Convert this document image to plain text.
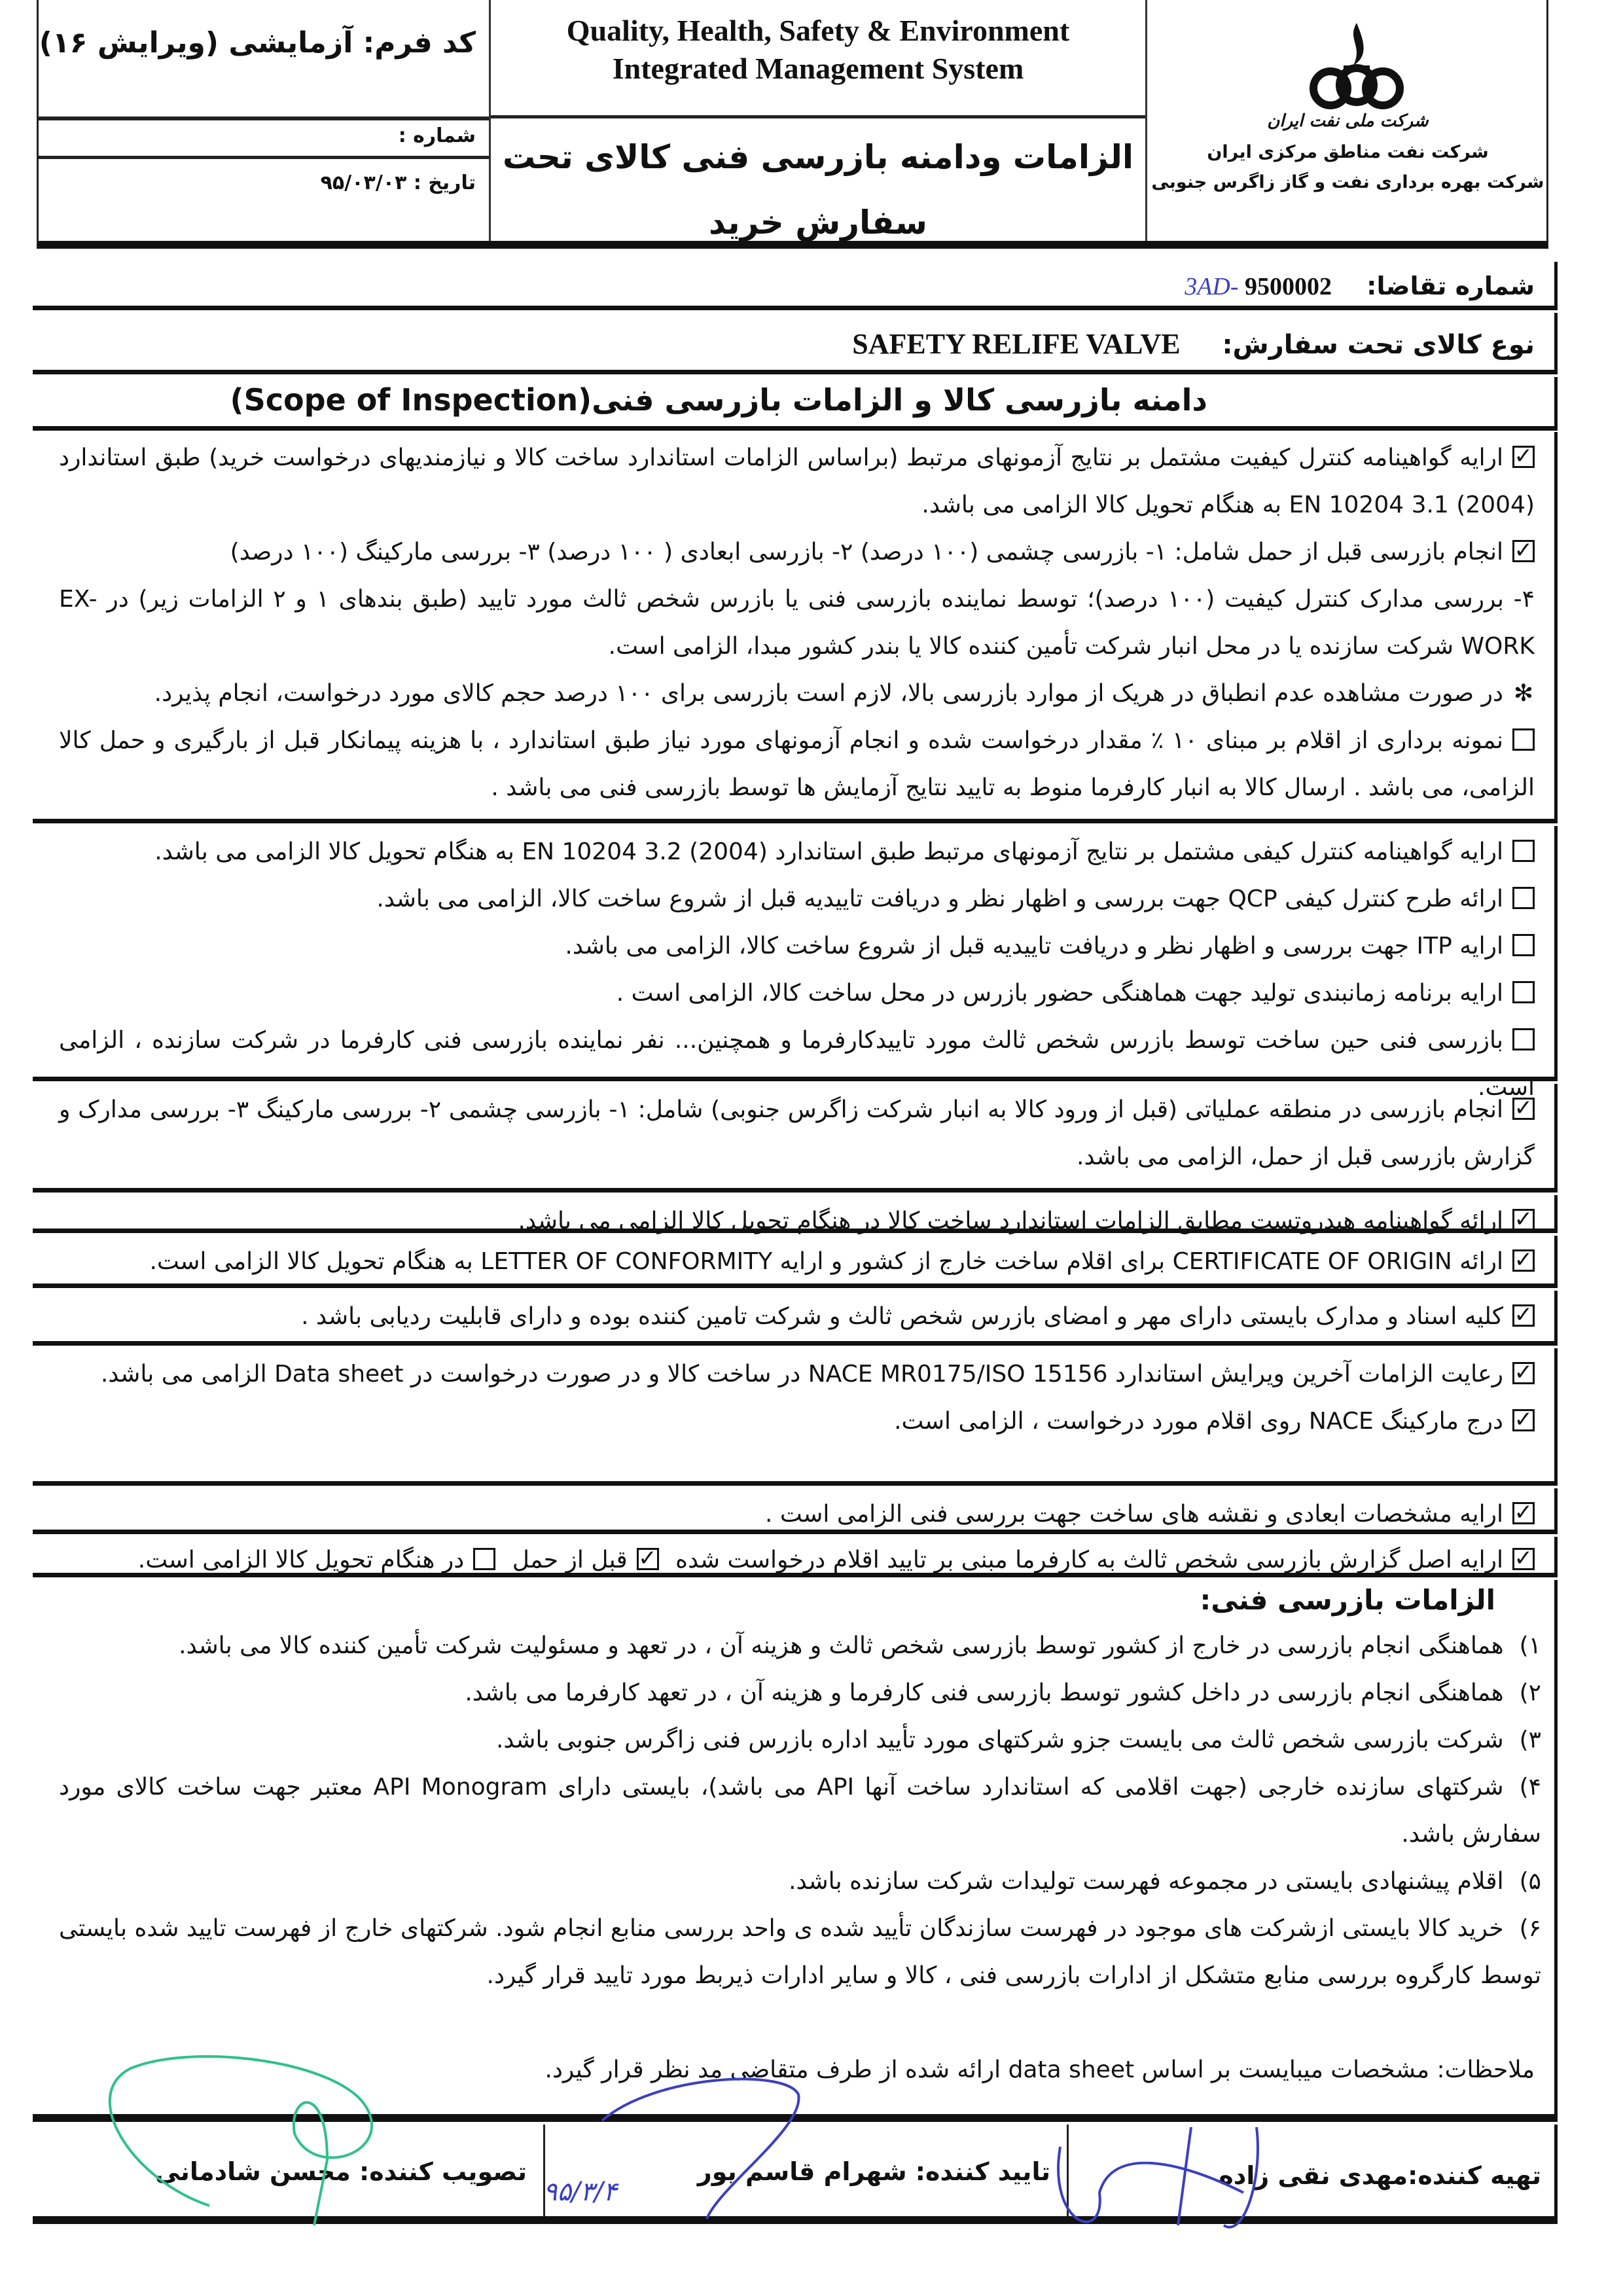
کد فرم: آزمایشی (ویرایش ۱۶)
شماره :
تاریخ : ۹۵/۰۳/۰۳
Quality, Health, Safety & Environment
Integrated Management System
الزامات ودامنه بازرسی فنی کالای تحت
سفارش خرید
شرکت ملی نفت ایران
شرکت نفت مناطق مرکزی ایران
شرکت بهره برداری نفت و گاز زاگرس جنوبی
شماره تقاضا: 3AD- 9500002
نوع کالای تحت سفارش: SAFETY RELIFE VALVE
دامنه بازرسی کالا و الزامات بازرسی فنی(Scope of Inspection)
✓ارایه گواهینامه کنترل کیفیت مشتمل بر نتایج آزمونهای مرتبط (براساس الزامات استاندارد ساخت کالا و نیازمندیهای درخواست خرید) طبق استاندارد EN 10204 3.1 (2004) به هنگام تحویل کالا الزامی می باشد.
✓انجام بازرسی قبل از حمل شامل: ۱- بازرسی چشمی (۱۰۰ درصد) ۲- بازرسی ابعادی ( ۱۰۰ درصد) ۳- بررسی مارکینگ (۱۰۰ درصد)
۴- بررسی مدارک کنترل کیفیت (۱۰۰ درصد)؛ توسط نماینده بازرسی فنی یا بازرس شخص ثالث مورد تایید (طبق بندهای ۱ و ۲ الزامات زیر) در EX-WORK شرکت سازنده یا در محل انبار شرکت تأمین کننده کالا یا بندر کشور مبدا، الزامی است.
✻در صورت مشاهده عدم انطباق در هریک از موارد بازرسی بالا، لازم است بازرسی برای ۱۰۰ درصد حجم کالای مورد درخواست، انجام پذیرد.
نمونه برداری از اقلام بر مبنای ۱۰ ٪ مقدار درخواست شده و انجام آزمونهای مورد نیاز طبق استاندارد ، با هزینه پیمانکار قبل از بارگیری و حمل کالا الزامی، می باشد . ارسال کالا به انبار کارفرما منوط به تایید نتایج آزمایش ها توسط بازرسی فنی می باشد .
ارایه گواهینامه کنترل کیفی مشتمل بر نتایج آزمونهای مرتبط طبق استاندارد EN 10204 3.2 (2004) به هنگام تحویل کالا الزامی می باشد.
ارائه طرح کنترل کیفی QCP جهت بررسی و اظهار نظر و دریافت تاییدیه قبل از شروع ساخت کالا، الزامی می باشد.
ارایه ITP جهت بررسی و اظهار نظر و دریافت تاییدیه قبل از شروع ساخت کالا، الزامی می باشد.
ارایه برنامه زمانبندی تولید جهت هماهنگی حضور بازرس در محل ساخت کالا، الزامی است .
بازرسی فنی حین ساخت توسط بازرس شخص ثالث مورد تاییدکارفرما و همچنین... نفر نماینده بازرسی فنی کارفرما در شرکت سازنده ، الزامی است.
✓انجام بازرسی در منطقه عملیاتی (قبل از ورود کالا به انبار شرکت زاگرس جنوبی) شامل: ۱- بازرسی چشمی ۲- بررسی مارکینگ ۳- بررسی مدارک و گزارش بازرسی قبل از حمل، الزامی می باشد.
✓ارائه گواهینامه هیدروتست مطابق الزامات استاندارد ساخت کالا در هنگام تحویل کالا الزامی می باشد.
✓ارائه CERTIFICATE OF ORIGIN برای اقلام ساخت خارج از کشور و ارایه LETTER OF CONFORMITY به هنگام تحویل کالا الزامی است.
✓کلیه اسناد و مدارک بایستی دارای مهر و امضای بازرس شخص ثالث و شرکت تامین کننده بوده و دارای قابلیت ردیابی باشد .
✓رعایت الزامات آخرین ویرایش استاندارد NACE MR0175/ISO 15156 در ساخت کالا و در صورت درخواست در Data sheet الزامی می باشد.
✓درج مارکینگ NACE روی اقلام مورد درخواست ، الزامی است.
✓ارایه مشخصات ابعادی و نقشه های ساخت جهت بررسی فنی الزامی است .
✓ارایه اصل گزارش بازرسی شخص ثالث به کارفرما مبنی بر تایید اقلام درخواست شده ✓قبل از حمل در هنگام تحویل کالا الزامی است.
الزامات بازرسی فنی:
۱)هماهنگی انجام بازرسی در خارج از کشور توسط بازرسی شخص ثالث و هزینه آن ، در تعهد و مسئولیت شرکت تأمین کننده کالا می باشد.
۲)هماهنگی انجام بازرسی در داخل کشور توسط بازرسی فنی کارفرما و هزینه آن ، در تعهد کارفرما می باشد.
۳)شرکت بازرسی شخص ثالث می بایست جزو شرکتهای مورد تأیید اداره بازرس فنی زاگرس جنوبی باشد.
۴)شرکتهای سازنده خارجی (جهت اقلامی که استاندارد ساخت آنها API می باشد)، بایستی دارای API Monogram معتبر جهت ساخت کالای مورد سفارش باشد.
۵)اقلام پیشنهادی بایستی در مجموعه فهرست تولیدات شرکت سازنده باشد.
۶)خرید کالا بایستی ازشرکت های موجود در فهرست سازندگان تأیید شده ی واحد بررسی منابع انجام شود. شرکتهای خارج از فهرست تایید شده بایستی توسط کارگروه بررسی منابع متشکل از ادارات بازرسی فنی ، کالا و سایر ادارات ذیربط مورد تایید قرار گیرد.
ملاحظات: مشخصات میبایست بر اساس data sheet ارائه شده از طرف متقاضی مد نظر قرار گیرد.
تهیه کننده:مهدی نقی زاده
تایید کننده: شهرام قاسم پور
تصویب کننده: محسن شادمانی
۹۵/۳/۴
